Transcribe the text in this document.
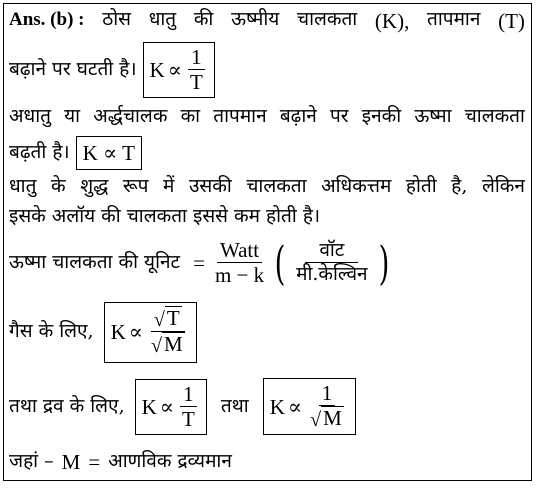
Ans. (b) : ठोस धातु की ऊष्मीय चालकता (K), तापमान (T)
बढ़ाने पर घटती है। $K \propto \frac{1}{T}$
अधातु या अर्द्धचालक का तापमान बढ़ाने पर इनकी ऊष्मा चालकता
बढ़ती है। K ∝ T
धातु के शुद्ध रूप में उसकी चालकता अधिकत्तम होती है, लेकिन
इसके अलॉय की चालकता इससे कम होती है।
ऊष्मा चालकता की यूनिट = $\frac{\text{Watt}}{m - k}$ ( $\frac{\text{वॉट}}{\text{मी.केल्विन}}$ )
गैस के लिए, $K \propto \frac{√ T}{√ M}$
तथा द्रव के लिए, $K \propto \frac{1}{T}$ तथा $K \propto \frac{1}{√ M}$
जहां – M = आणविक द्रव्यमान
